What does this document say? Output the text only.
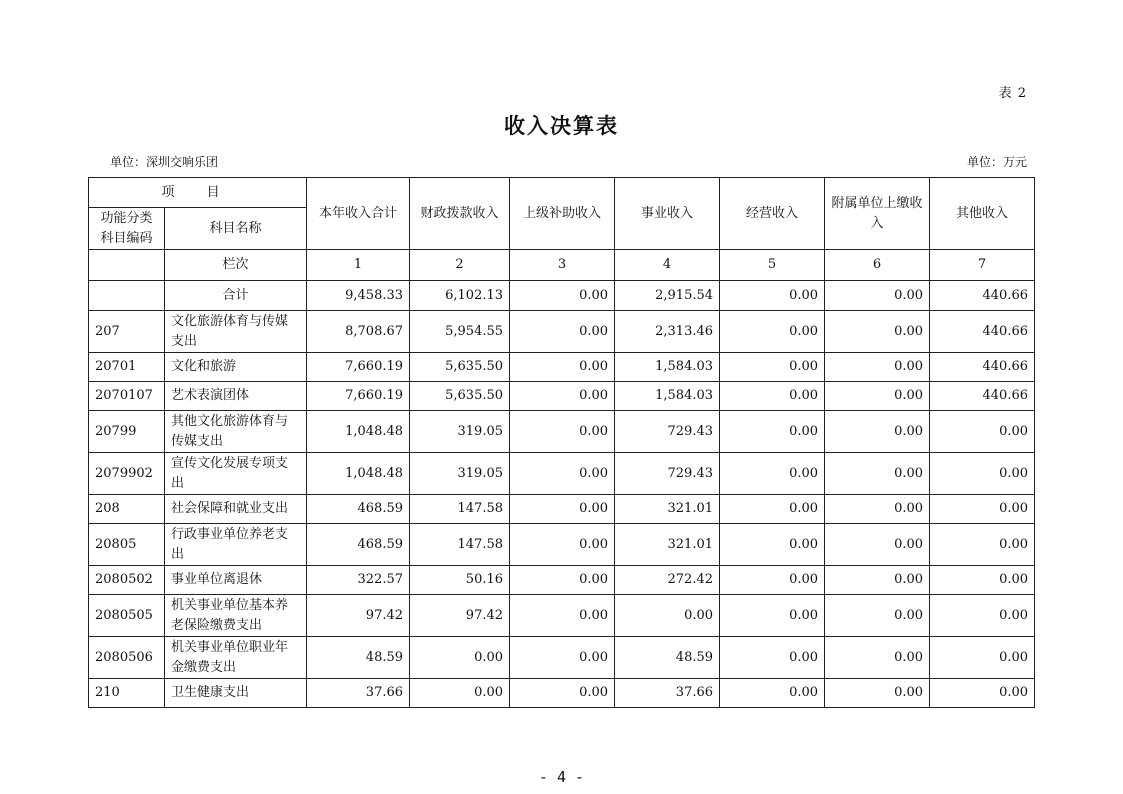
表 2
收入决算表
单位：深圳交响乐团	单位：万元
项 目		本年收入合计	财政拨款收入	上级补助收入	事业收入	经营收入	附属单位上缴收入	其他收入
功能分类科目编码	科目名称							
	栏次	1	2	3	4	5	6	7
	合计	9,458.33	6,102.13	0.00	2,915.54	0.00	0.00	440.66
207	文化旅游体育与传媒支出	8,708.67	5,954.55	0.00	2,313.46	0.00	0.00	440.66
20701	文化和旅游	7,660.19	5,635.50	0.00	1,584.03	0.00	0.00	440.66
2070107	艺术表演团体	7,660.19	5,635.50	0.00	1,584.03	0.00	0.00	440.66
20799	其他文化旅游体育与传媒支出	1,048.48	319.05	0.00	729.43	0.00	0.00	0.00
2079902	宣传文化发展专项支出	1,048.48	319.05	0.00	729.43	0.00	0.00	0.00
208	社会保障和就业支出	468.59	147.58	0.00	321.01	0.00	0.00	0.00
20805	行政事业单位养老支出	468.59	147.58	0.00	321.01	0.00	0.00	0.00
2080502	事业单位离退休	322.57	50.16	0.00	272.42	0.00	0.00	0.00
2080505	机关事业单位基本养老保险缴费支出	97.42	97.42	0.00	0.00	0.00	0.00	0.00
2080506	机关事业单位职业年金缴费支出	48.59	0.00	0.00	48.59	0.00	0.00	0.00
210	卫生健康支出	37.66	0.00	0.00	37.66	0.00	0.00	0.00
- 4 -
